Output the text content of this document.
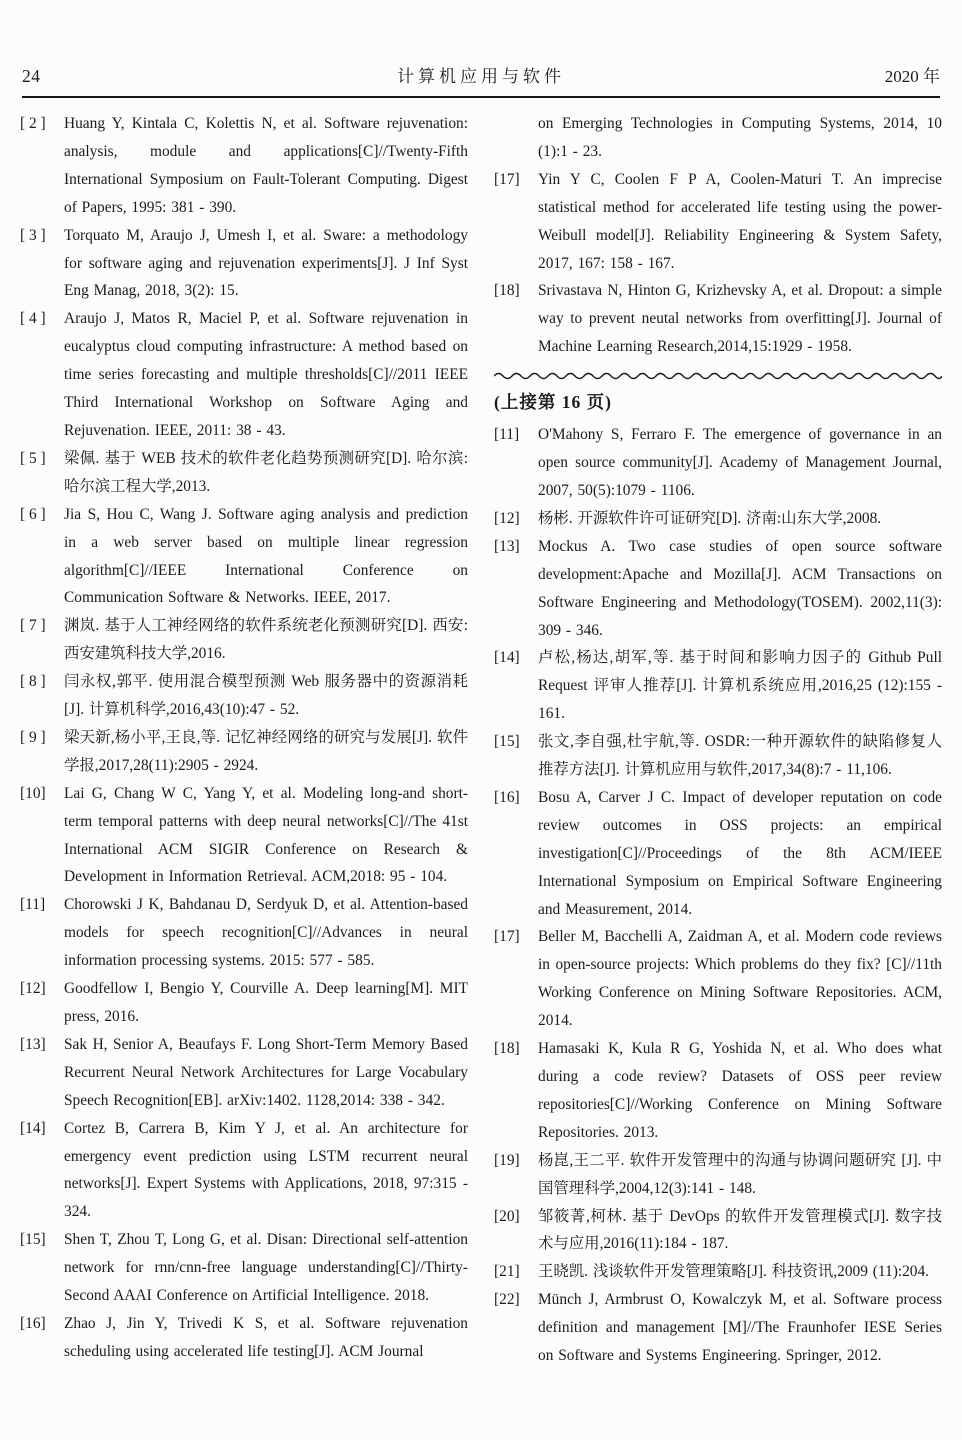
24	计算机应用与软件	2020 年
[ 2 ]	Huang Y, Kintala C, Kolettis N, et al. Software rejuvenation: analysis, module and applications[C]//Twenty-Fifth International Symposium on Fault-Tolerant Computing. Digest of Papers, 1995: 381 - 390.
[ 3 ]	Torquato M, Araujo J, Umesh I, et al. Sware: a methodology for software aging and rejuvenation experiments[J]. J Inf Syst Eng Manag, 2018, 3(2): 15.
[ 4 ]	Araujo J, Matos R, Maciel P, et al. Software rejuvenation in eucalyptus cloud computing infrastructure: A method based on time series forecasting and multiple thresholds[C]//2011 IEEE Third International Workshop on Software Aging and Rejuvenation. IEEE, 2011: 38 - 43.
[ 5 ]	梁佩. 基于 WEB 技术的软件老化趋势预测研究[D]. 哈尔滨:哈尔滨工程大学,2013.
[ 6 ]	Jia S, Hou C, Wang J. Software aging analysis and prediction in a web server based on multiple linear regression algorithm[C]//IEEE International Conference on Communication Software & Networks. IEEE, 2017.
[ 7 ]	渊岚. 基于人工神经网络的软件系统老化预测研究[D]. 西安:西安建筑科技大学,2016.
[ 8 ]	闫永权,郭平. 使用混合模型预测 Web 服务器中的资源消耗[J]. 计算机科学,2016,43(10):47 - 52.
[ 9 ]	梁天新,杨小平,王良,等. 记忆神经网络的研究与发展[J]. 软件学报,2017,28(11):2905 - 2924.
[10]	Lai G, Chang W C, Yang Y, et al. Modeling long-and short-term temporal patterns with deep neural networks[C]//The 41st International ACM SIGIR Conference on Research & Development in Information Retrieval. ACM,2018: 95 - 104.
[11]	Chorowski J K, Bahdanau D, Serdyuk D, et al. Attention-based models for speech recognition[C]//Advances in neural information processing systems. 2015: 577 - 585.
[12]	Goodfellow I, Bengio Y, Courville A. Deep learning[M]. MIT press, 2016.
[13]	Sak H, Senior A, Beaufays F. Long Short-Term Memory Based Recurrent Neural Network Architectures for Large Vocabulary Speech Recognition[EB]. arXiv:1402. 1128,2014: 338 - 342.
[14]	Cortez B, Carrera B, Kim Y J, et al. An architecture for emergency event prediction using LSTM recurrent neural networks[J]. Expert Systems with Applications, 2018, 97:315 - 324.
[15]	Shen T, Zhou T, Long G, et al. Disan: Directional self-attention network for rnn/cnn-free language understanding[C]//Thirty-Second AAAI Conference on Artificial Intelligence. 2018.
[16]	Zhao J, Jin Y, Trivedi K S, et al. Software rejuvenation scheduling using accelerated life testing[J]. ACM Journal
on Emerging Technologies in Computing Systems, 2014, 10 (1):1 - 23.
[17]	Yin Y C, Coolen F P A, Coolen-Maturi T. An imprecise statistical method for accelerated life testing using the power-Weibull model[J]. Reliability Engineering & System Safety, 2017, 167: 158 - 167.
[18]	Srivastava N, Hinton G, Krizhevsky A, et al. Dropout: a simple way to prevent neutal networks from overfitting[J]. Journal of Machine Learning Research,2014,15:1929 - 1958.
(上接第 16 页)
[11]	O'Mahony S, Ferraro F. The emergence of governance in an open source community[J]. Academy of Management Journal, 2007, 50(5):1079 - 1106.
[12]	杨彬. 开源软件许可证研究[D]. 济南:山东大学,2008.
[13]	Mockus A. Two case studies of open source software development:Apache and Mozilla[J]. ACM Transactions on Software Engineering and Methodology(TOSEM). 2002,11(3): 309 - 346.
[14]	卢松,杨达,胡军,等. 基于时间和影响力因子的 Github Pull Request 评审人推荐[J]. 计算机系统应用,2016,25 (12):155 - 161.
[15]	张文,李自强,杜宇航,等. OSDR:一种开源软件的缺陷修复人推荐方法[J]. 计算机应用与软件,2017,34(8):7 - 11,106.
[16]	Bosu A, Carver J C. Impact of developer reputation on code review outcomes in OSS projects: an empirical investigation[C]//Proceedings of the 8th ACM/IEEE International Symposium on Empirical Software Engineering and Measurement, 2014.
[17]	Beller M, Bacchelli A, Zaidman A, et al. Modern code reviews in open-source projects: Which problems do they fix? [C]//11th Working Conference on Mining Software Repositories. ACM, 2014.
[18]	Hamasaki K, Kula R G, Yoshida N, et al. Who does what during a code review? Datasets of OSS peer review repositories[C]//Working Conference on Mining Software Repositories. 2013.
[19]	杨崑,王二平. 软件开发管理中的沟通与协调问题研究 [J]. 中国管理科学,2004,12(3):141 - 148.
[20]	邹筱菁,柯林. 基于 DevOps 的软件开发管理模式[J]. 数字技术与应用,2016(11):184 - 187.
[21]	王晓凯. 浅谈软件开发管理策略[J]. 科技资讯,2009 (11):204.
[22]	Münch J, Armbrust O, Kowalczyk M, et al. Software process definition and management [M]//The Fraunhofer IESE Series on Software and Systems Engineering. Springer, 2012.
